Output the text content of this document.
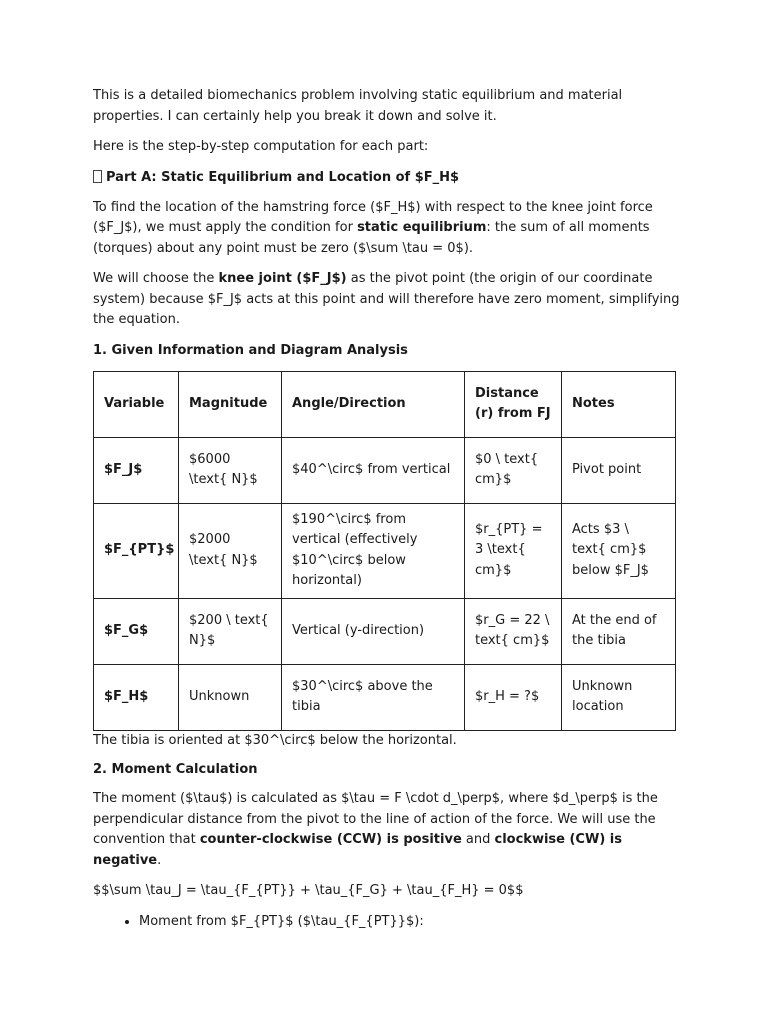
This is a detailed biomechanics problem involving static equilibrium and material properties. I can certainly help you break it down and solve it.

Here is the step-by-step computation for each part:

Part A: Static Equilibrium and Location of $F_H$

To find the location of the hamstring force ($F_H$) with respect to the knee joint force ($F_J$), we must apply the condition for static equilibrium: the sum of all moments (torques) about any point must be zero ($\sum \tau = 0$).

We will choose the knee joint ($F_J$) as the pivot point (the origin of our coordinate system) because $F_J$ acts at this point and will therefore have zero moment, simplifying the equation.

1. Given Information and Diagram Analysis
Variable	Magnitude	Angle/Direction	Distance (r) from FJ	Notes
$F_J$	$6000 \text{ N}$	$40^\circ$ from vertical	$0 \ text{ cm}$	Pivot point
$F_{PT}$	$2000 \text{ N}$	$190^\circ$ from vertical (effectively $10^\circ$ below horizontal)	$r_{PT} = 3 \text{ cm}$	Acts $3 \ text{ cm}$ below $F_J$
$F_G$	$200 \ text{ N}$	Vertical (y-direction)	$r_G = 22 \ text{ cm}$	At the end of the tibia
$F_H$	Unknown	$30^\circ$ above the tibia	$r_H = ?$	Unknown location

The tibia is oriented at $30^\circ$ below the horizontal.

2. Moment Calculation

The moment ($\tau$) is calculated as $\tau = F \cdot d_\perp$, where $d_\perp$ is the perpendicular distance from the pivot to the line of action of the force. We will use the convention that counter-clockwise (CCW) is positive and clockwise (CW) is negative.

$$\sum \tau_J = \tau_{F_{PT}} + \tau_{F_G} + \tau_{F_H} = 0$$

• Moment from $F_{PT}$ ($\tau_{F_{PT}}$):
